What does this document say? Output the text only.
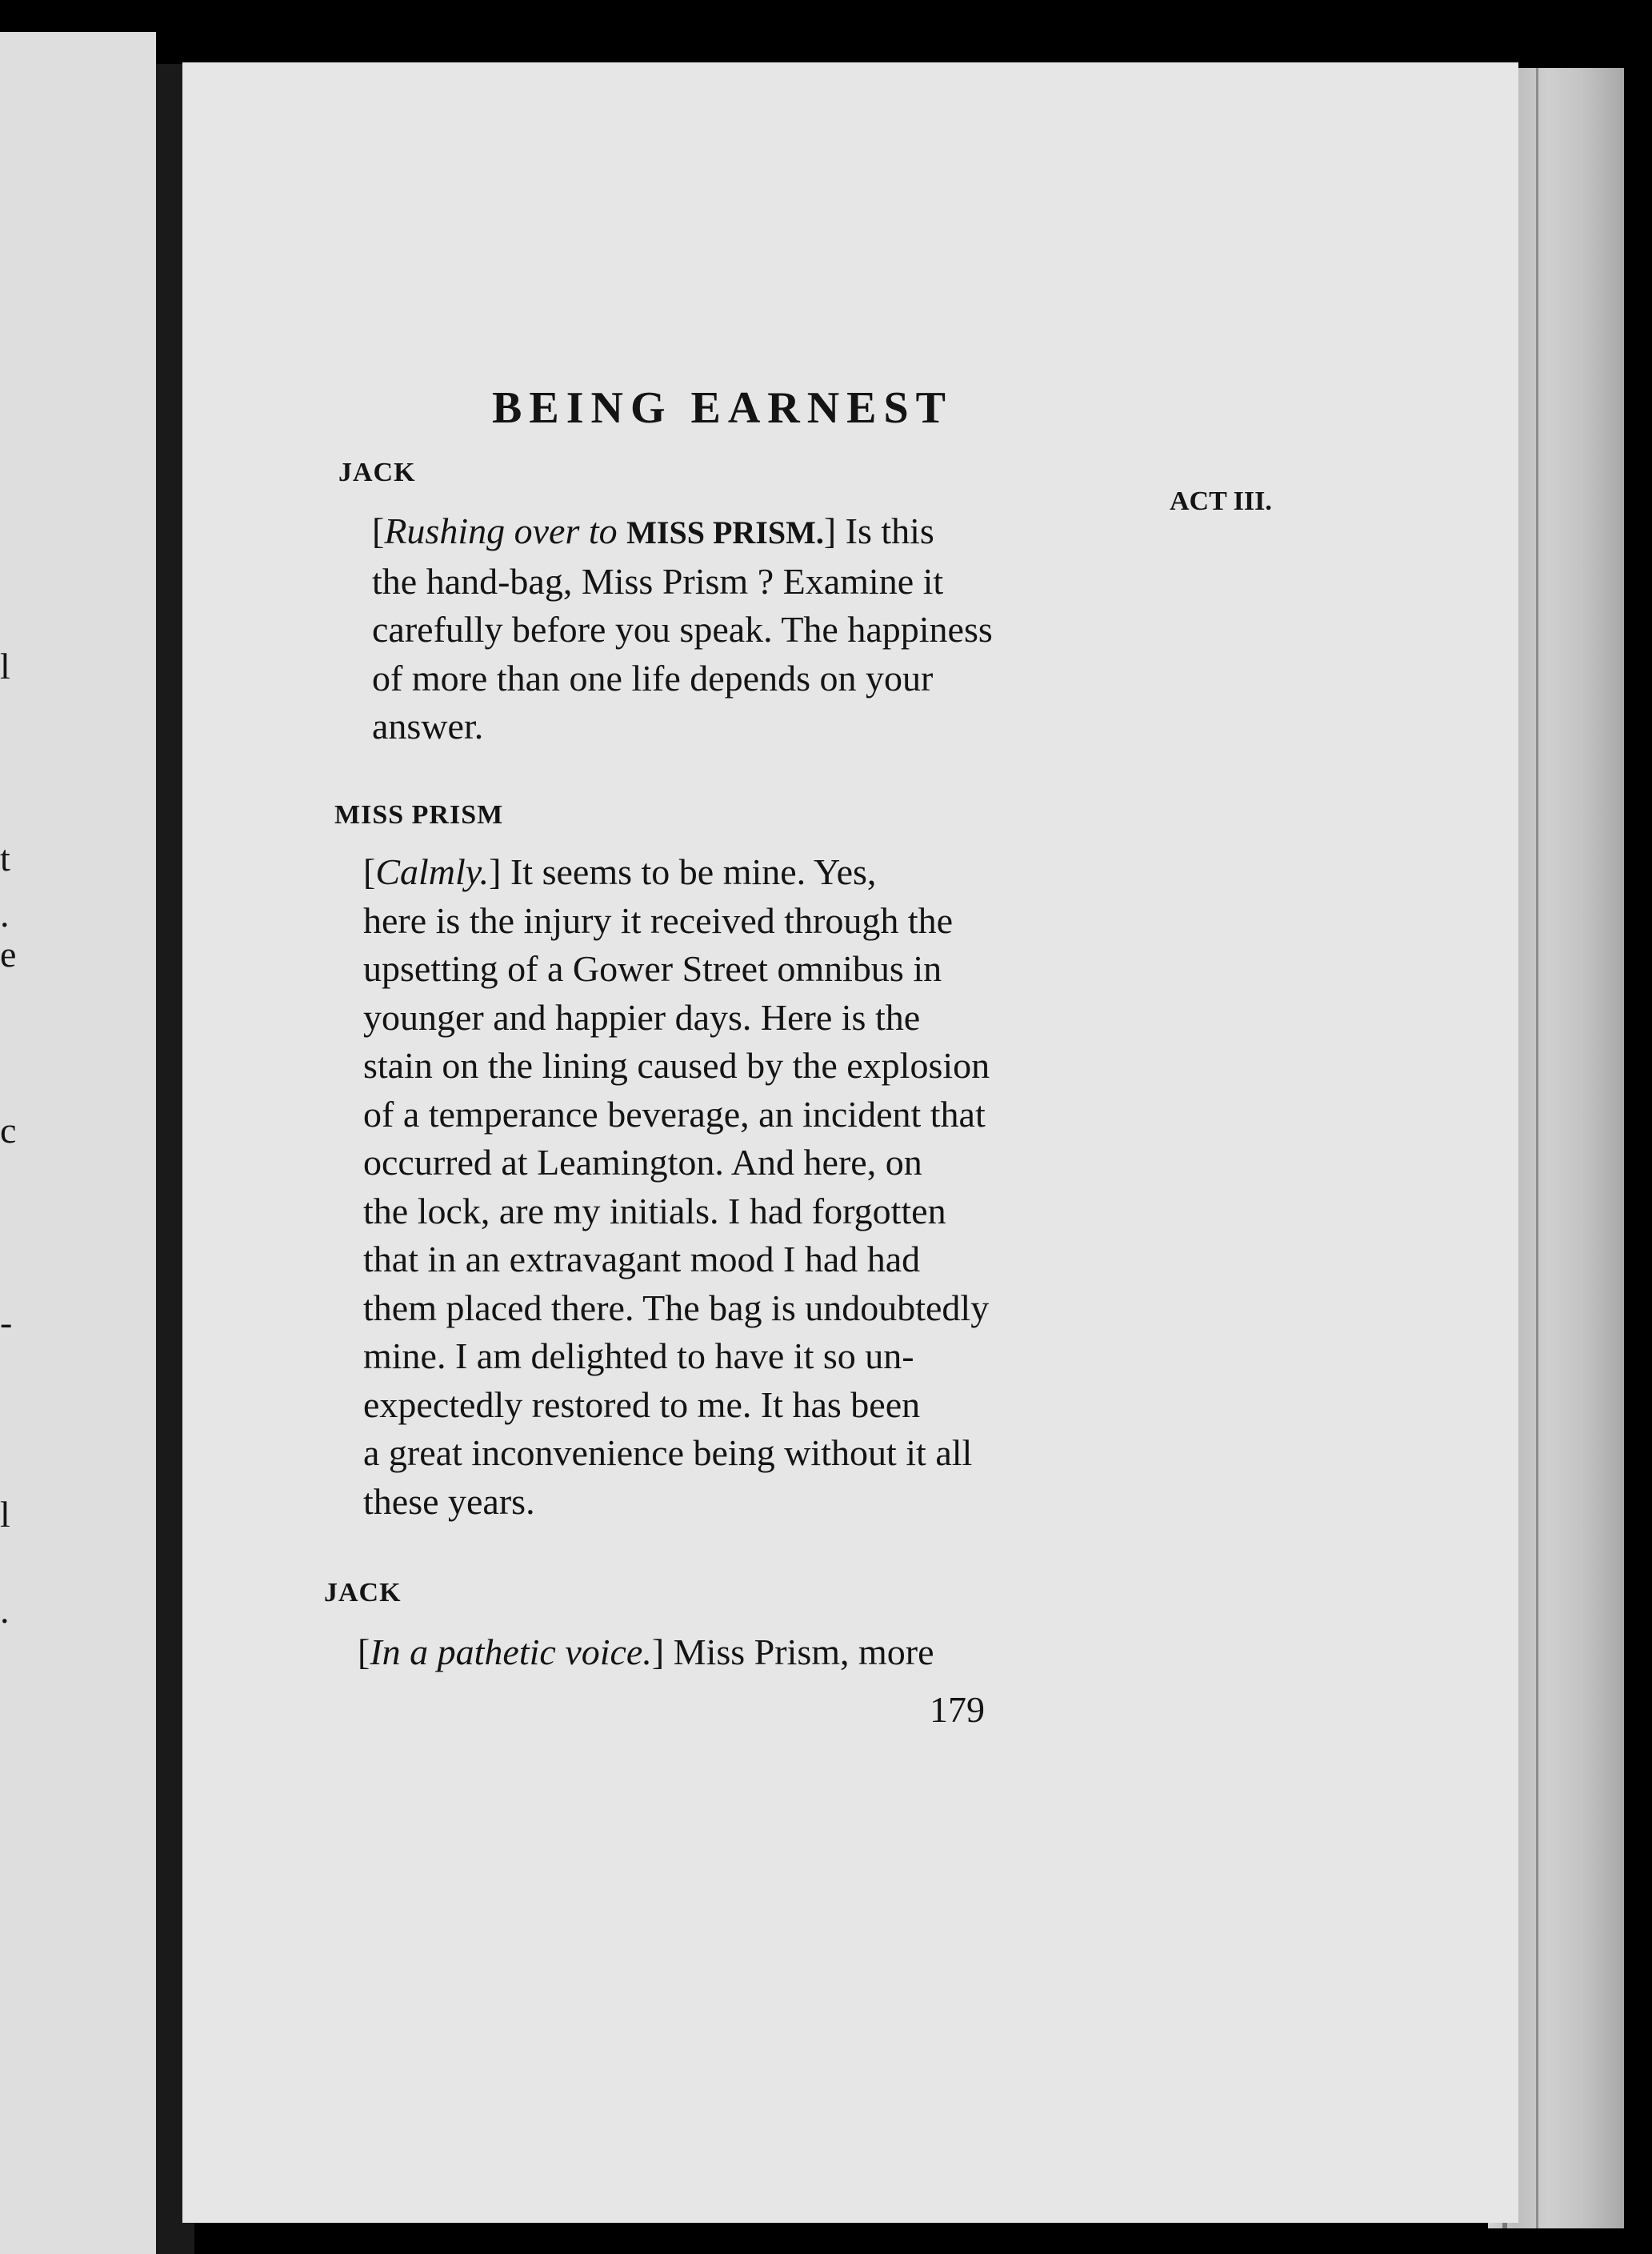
l
t
.
e
c
-
l
.
BEING EARNEST
ACT III.
JACK
[Rushing over to MISS PRISM.] Is this
the hand-bag, Miss Prism ? Examine it
carefully before you speak. The happiness
of more than one life depends on your
answer.
MISS PRISM
[Calmly.] It seems to be mine. Yes,
here is the injury it received through the
upsetting of a Gower Street omnibus in
younger and happier days. Here is the
stain on the lining caused by the explosion
of a temperance beverage, an incident that
occurred at Leamington. And here, on
the lock, are my initials. I had forgotten
that in an extravagant mood I had had
them placed there. The bag is undoubtedly
mine. I am delighted to have it so un-
expectedly restored to me. It has been
a great inconvenience being without it all
these years.
JACK
[In a pathetic voice.] Miss Prism, more
179
